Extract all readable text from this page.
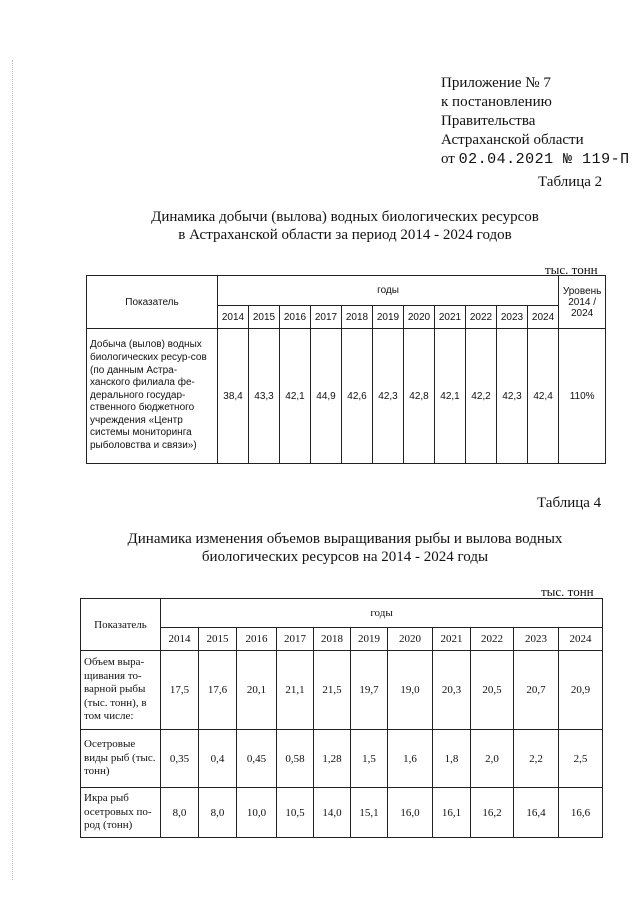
Приложение № 7
к постановлению
Правительства
Астраханской области
от 02.04.2021 № 119-П
Таблица 2
Динамика добычи (вылова) водных биологических ресурсов
в Астраханской области за период 2014 - 2024 годов
тыс. тонн
Показатель	годы											Уровень 2014 / 2024
	2014	2015	2016	2017	2018	2019	2020	2021	2022	2023	2024	
Добыча (вылов) водных биологических ресур-сов (по данным Астра-ханского филиала фе-дерального государ-ственного бюджетного учреждения «Центр системы мониторинга рыболовства и связи»)	38,4	43,3	42,1	44,9	42,6	42,3	42,8	42,1	42,2	42,3	42,4	110%
Таблица 4
Динамика изменения объемов выращивания рыбы и вылова водных
биологических ресурсов на 2014 - 2024 годы
тыс. тонн
Показатель	годы										
	2014	2015	2016	2017	2018	2019	2020	2021	2022	2023	2024
Объем выра-щивания то-варной рыбы (тыс. тонн), в том числе:	17,5	17,6	20,1	21,1	21,5	19,7	19,0	20,3	20,5	20,7	20,9
Осетровые виды рыб (тыс. тонн)	0,35	0,4	0,45	0,58	1,28	1,5	1,6	1,8	2,0	2,2	2,5
Икра рыб осетровых по-род (тонн)	8,0	8,0	10,0	10,5	14,0	15,1	16,0	16,1	16,2	16,4	16,6
